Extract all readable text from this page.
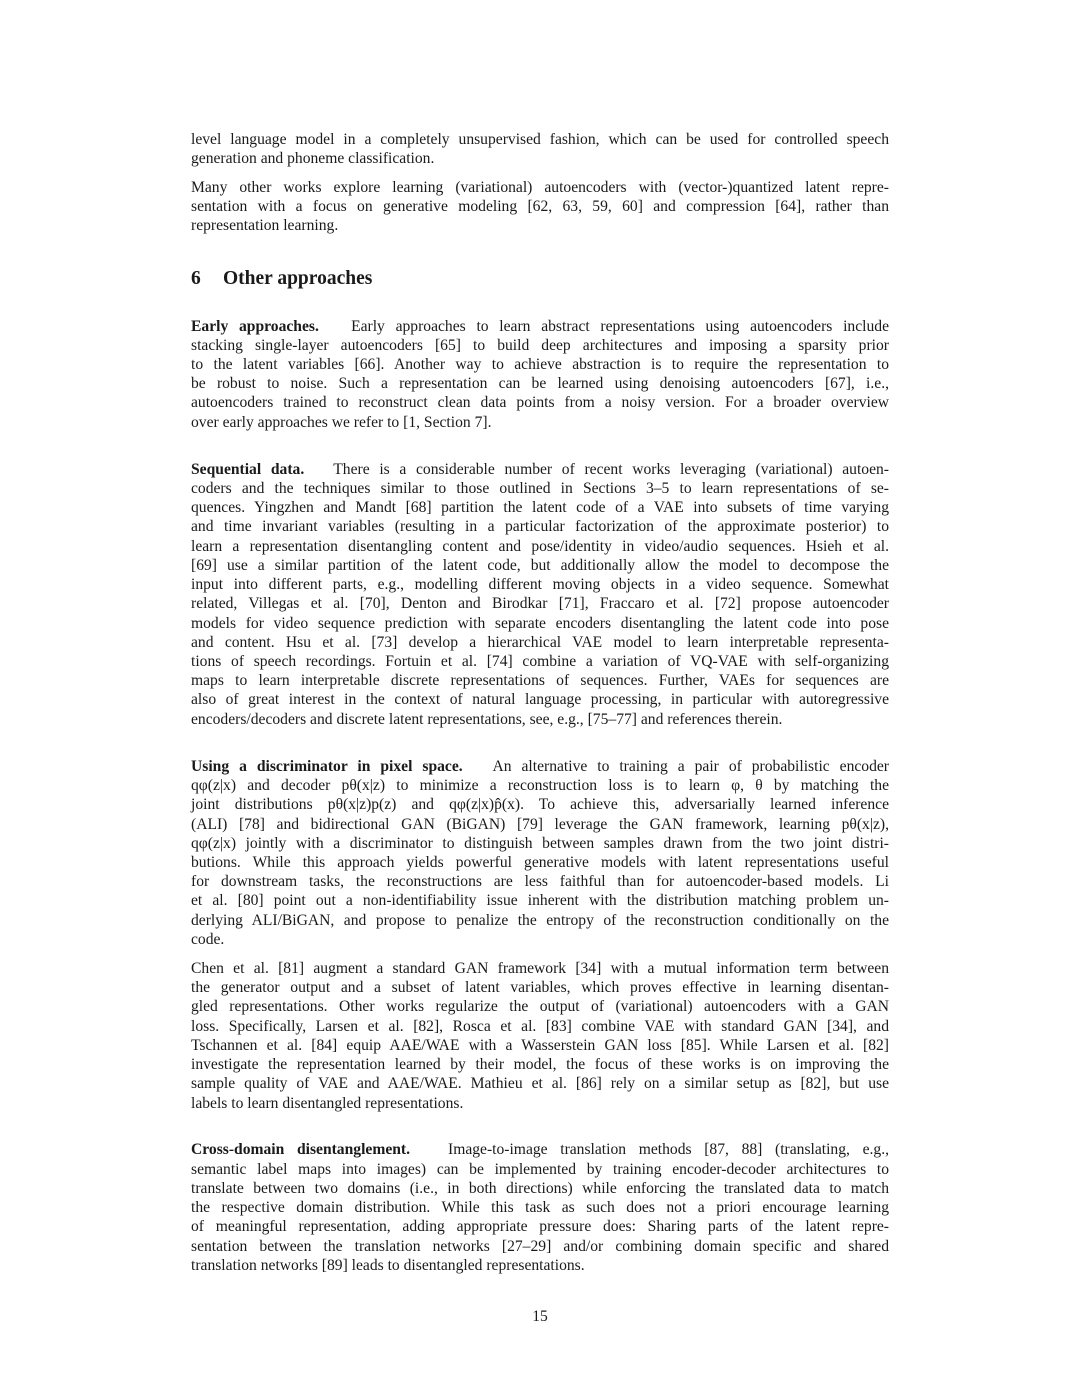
level language model in a completely unsupervised fashion, which can be used for controlled speech
generation and phoneme classification.
Many other works explore learning (variational) autoencoders with (vector-)quantized latent repre-
sentation with a focus on generative modeling [62, 63, 59, 60] and compression [64], rather than
representation learning.
6 Other approaches
Early approaches. Early approaches to learn abstract representations using autoencoders include
stacking single-layer autoencoders [65] to build deep architectures and imposing a sparsity prior
to the latent variables [66]. Another way to achieve abstraction is to require the representation to
be robust to noise. Such a representation can be learned using denoising autoencoders [67], i.e.,
autoencoders trained to reconstruct clean data points from a noisy version. For a broader overview
over early approaches we refer to [1, Section 7].
Sequential data. There is a considerable number of recent works leveraging (variational) autoen-
coders and the techniques similar to those outlined in Sections 3–5 to learn representations of se-
quences. Yingzhen and Mandt [68] partition the latent code of a VAE into subsets of time varying
and time invariant variables (resulting in a particular factorization of the approximate posterior) to
learn a representation disentangling content and pose/identity in video/audio sequences. Hsieh et al.
[69] use a similar partition of the latent code, but additionally allow the model to decompose the
input into different parts, e.g., modelling different moving objects in a video sequence. Somewhat
related, Villegas et al. [70], Denton and Birodkar [71], Fraccaro et al. [72] propose autoencoder
models for video sequence prediction with separate encoders disentangling the latent code into pose
and content. Hsu et al. [73] develop a hierarchical VAE model to learn interpretable representa-
tions of speech recordings. Fortuin et al. [74] combine a variation of VQ-VAE with self-organizing
maps to learn interpretable discrete representations of sequences. Further, VAEs for sequences are
also of great interest in the context of natural language processing, in particular with autoregressive
encoders/decoders and discrete latent representations, see, e.g., [75–77] and references therein.
Using a discriminator in pixel space. An alternative to training a pair of probabilistic encoder
qφ(z|x) and decoder pθ(x|z) to minimize a reconstruction loss is to learn φ, θ by matching the
joint distributions pθ(x|z)p(z) and qφ(z|x)p̂(x). To achieve this, adversarially learned inference
(ALI) [78] and bidirectional GAN (BiGAN) [79] leverage the GAN framework, learning pθ(x|z),
qφ(z|x) jointly with a discriminator to distinguish between samples drawn from the two joint distri-
butions. While this approach yields powerful generative models with latent representations useful
for downstream tasks, the reconstructions are less faithful than for autoencoder-based models. Li
et al. [80] point out a non-identifiability issue inherent with the distribution matching problem un-
derlying ALI/BiGAN, and propose to penalize the entropy of the reconstruction conditionally on the
code.
Chen et al. [81] augment a standard GAN framework [34] with a mutual information term between
the generator output and a subset of latent variables, which proves effective in learning disentan-
gled representations. Other works regularize the output of (variational) autoencoders with a GAN
loss. Specifically, Larsen et al. [82], Rosca et al. [83] combine VAE with standard GAN [34], and
Tschannen et al. [84] equip AAE/WAE with a Wasserstein GAN loss [85]. While Larsen et al. [82]
investigate the representation learned by their model, the focus of these works is on improving the
sample quality of VAE and AAE/WAE. Mathieu et al. [86] rely on a similar setup as [82], but use
labels to learn disentangled representations.
Cross-domain disentanglement. Image-to-image translation methods [87, 88] (translating, e.g.,
semantic label maps into images) can be implemented by training encoder-decoder architectures to
translate between two domains (i.e., in both directions) while enforcing the translated data to match
the respective domain distribution. While this task as such does not a priori encourage learning
of meaningful representation, adding appropriate pressure does: Sharing parts of the latent repre-
sentation between the translation networks [27–29] and/or combining domain specific and shared
translation networks [89] leads to disentangled representations.
15
